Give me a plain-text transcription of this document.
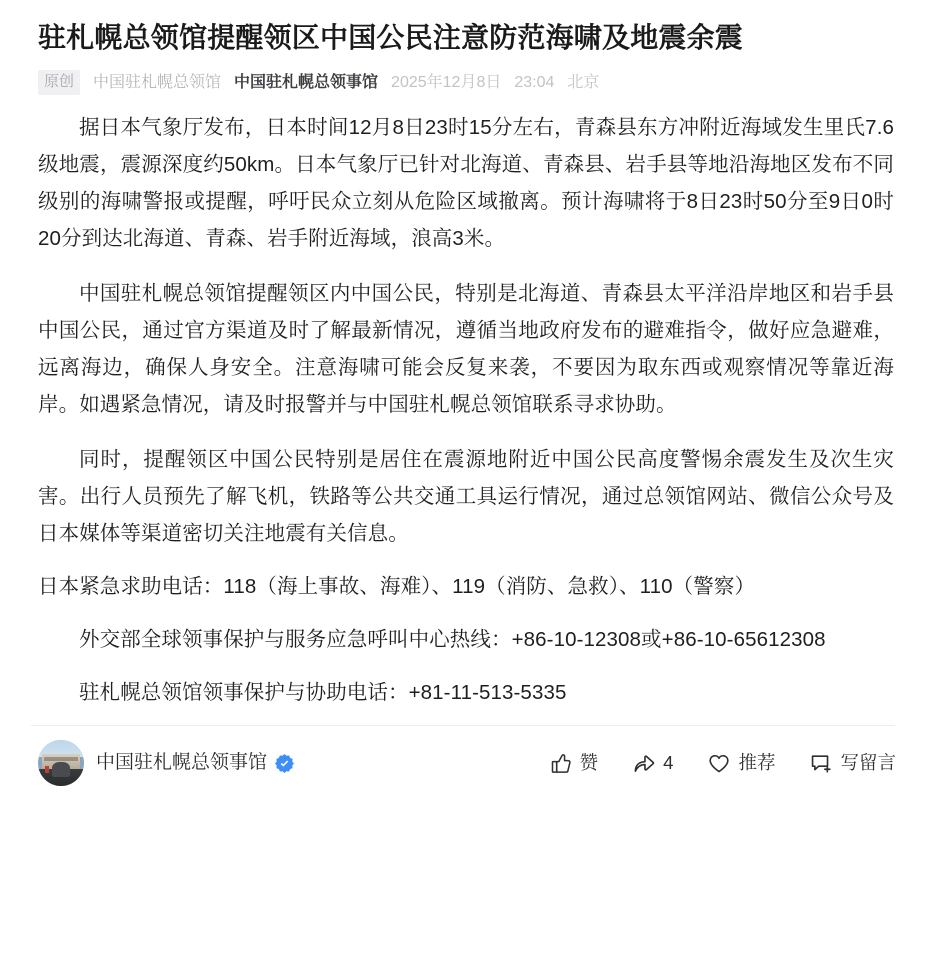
驻札幌总领馆提醒领区中国公民注意防范海啸及地震余震
原创	中国驻札幌总领馆 中国驻札幌总领事馆 2025年12月8日 23:04 北京

据日本气象厅发布，日本时间12月8日23时15分左右，青森县东方冲附近海域发生里氏7.6级地震，震源深度约50km。日本气象厅已针对北海道、青森县、岩手县等地沿海地区发布不同级别的海啸警报或提醒，呼吁民众立刻从危险区域撤离。预计海啸将于8日23时50分至9日0时20分到达北海道、青森、岩手附近海域，浪高3米。

中国驻札幌总领馆提醒领区内中国公民，特别是北海道、青森县太平洋沿岸地区和岩手县中国公民，通过官方渠道及时了解最新情况，遵循当地政府发布的避难指令，做好应急避难，远离海边，确保人身安全。注意海啸可能会反复来袭，不要因为取东西或观察情况等靠近海岸。如遇紧急情况，请及时报警并与中国驻札幌总领馆联系寻求协助。

同时，提醒领区中国公民特别是居住在震源地附近中国公民高度警惕余震发生及次生灾害。出行人员预先了解飞机，铁路等公共交通工具运行情况，通过总领馆网站、微信公众号及日本媒体等渠道密切关注地震有关信息。

日本紧急求助电话：118（海上事故、海难）、119（消防、急救）、110（警察）

外交部全球领事保护与服务应急呼叫中心热线：+86-10-12308或+86-10-65612308

驻札幌总领馆领事保护与协助电话：+81-11-513-5335

中国驻札幌总领事馆	赞	4	推荐	写留言
